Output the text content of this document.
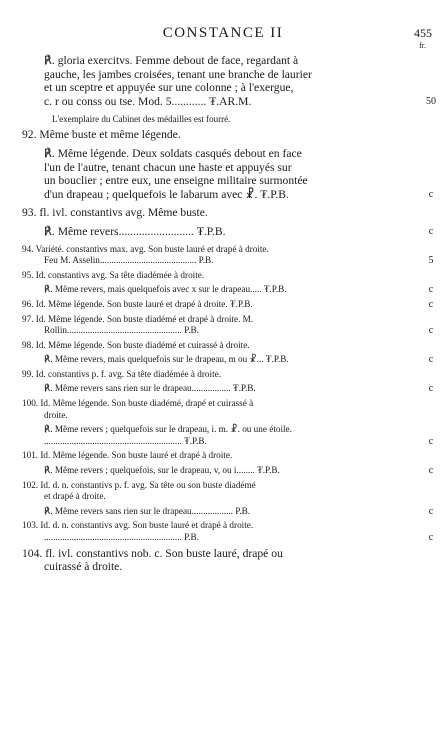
CONSTANCE II	455
fr.
℟. gloria exercitvs. Femme debout de face, regardant à
gauche, les jambes croisées, tenant une branche de laurier
et un sceptre et appuyée sur une colonne ; à l'exergue,
c. r ou conss ou tse. Mod. 5............ ₮.AR.M.	50
L'exemplaire du Cabinet des médailles est fourré.
92. Même buste et même légende.
℟. Même légende. Deux soldats casqués debout en face
l'un de l'autre, tenant chacun une haste et appuyés sur
un bouclier ; entre eux, une enseigne militaire surmontée
d'un drapeau ; quelquefois le labarum avec ☧. ₮.P.B.	c
93. fl. ivl. constantivs avg. Même buste.
℟. Même revers.......................... ₮.P.B.	c
94. Variété. constantivs max. avg. Son buste lauré et drapé à droite.
Feu M. Asselin.......................................... P.B.	5
95. Id. constantivs avg. Sa tête diadémée à droite.
℟. Même revers, mais quelquefois avec x sur le drapeau..... ₮.P.B.	c
96. Id. Même légende. Son buste lauré et drapé à droite. ₮.P.B.	c
97. Id. Même légende. Son buste diadémé et drapé à droite. M.
Rollin.................................................. P.B.	c
98. Id. Même légende. Son buste diadémé et cuirassé à droite.
℟. Même revers, mais quelquefois sur le drapeau, m ou ☧... ₮.P.B.	c
99. Id. constantivs p. f. avg. Sa tête diadémée à droite.
℟. Même revers sans rien sur le drapeau................. ₮.P.B.	c
100. Id. Même légende. Son buste diadémé, drapé et cuirassé à
droite.
℟. Même revers ; quelquefois sur le drapeau, i. m. ☧. ou une étoile.
............................................................ ₮.P.B.	c
101. Id. Même légende. Son buste lauré et drapé à droite.
℟. Même revers ; quelquefois, sur le drapeau, v, ou i........ ₮.P.B.	c
102. Id. d. n. constantivs p. f. avg. Sa tête ou son buste diadémé
et drapé à droite.
℟. Même revers sans rien sur le drapeau.................. P.B.	c
103. Id. d. n. constantivs avg. Son buste lauré et drapé à droite.
............................................................ P.B.	c
104. fl. ivl. constantivs nob. c. Son buste lauré, drapé ou
cuirassé à droite.
